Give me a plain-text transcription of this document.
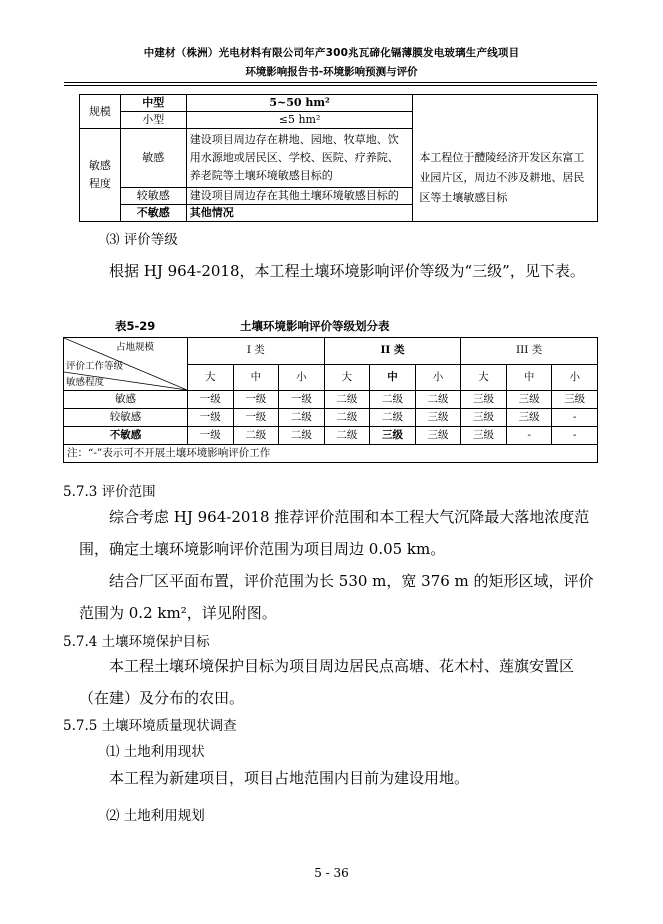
中建材（株洲）光电材料有限公司年产300兆瓦碲化镉薄膜发电玻璃生产线项目
环境影响报告书-环境影响预测与评价
规模	中型	5~50 hm²	本工程位于醴陵经济开发区东富工业园片区，周边不涉及耕地、居民区等土壤敏感目标

	小型	≤5 hm²	

敏感程度	敏感	建设项目周边存在耕地、园地、牧草地、饮用水源地或居民区、学校、医院、疗养院、养老院等土壤环境敏感目标的	
	较敏感	建设项目周边存在其他土壤环境敏感目标的	
	不敏感	其他情况	
⑶ 评价等级
根据 HJ 964-2018，本工程土壤环境影响评价等级为“三级”，见下表。
表5-29	土壤环境影响评价等级划分表
占地规模
评价工作等级
敏感程度	I 类			II 类			III 类		
	大	中	小	大	中	小	大	中	小
敏感	一级	一级	一级	二级	二级	二级	三级	三级	三级
较敏感	一级	一级	二级	二级	二级	三级	三级	三级	-
不敏感	一级	二级	二级	二级	三级	三级	三级	-	-
注：“-”表示可不开展土壤环境影响评价工作									
5.7.3 评价范围
综合考虑 HJ 964-2018 推荐评价范围和本工程大气沉降最大落地浓度范围，确定土壤环境影响评价范围为项目周边 0.05 km。
结合厂区平面布置，评价范围为长 530 m，宽 376 m 的矩形区域，评价范围为 0.2 km²，详见附图。
5.7.4 土壤环境保护目标
本工程土壤环境保护目标为项目周边居民点高塘、花木村、莲旗安置区（在建）及分布的农田。
5.7.5 土壤环境质量现状调查
⑴ 土地利用现状
本工程为新建项目，项目占地范围内目前为建设用地。
⑵ 土地利用规划
5 - 36
